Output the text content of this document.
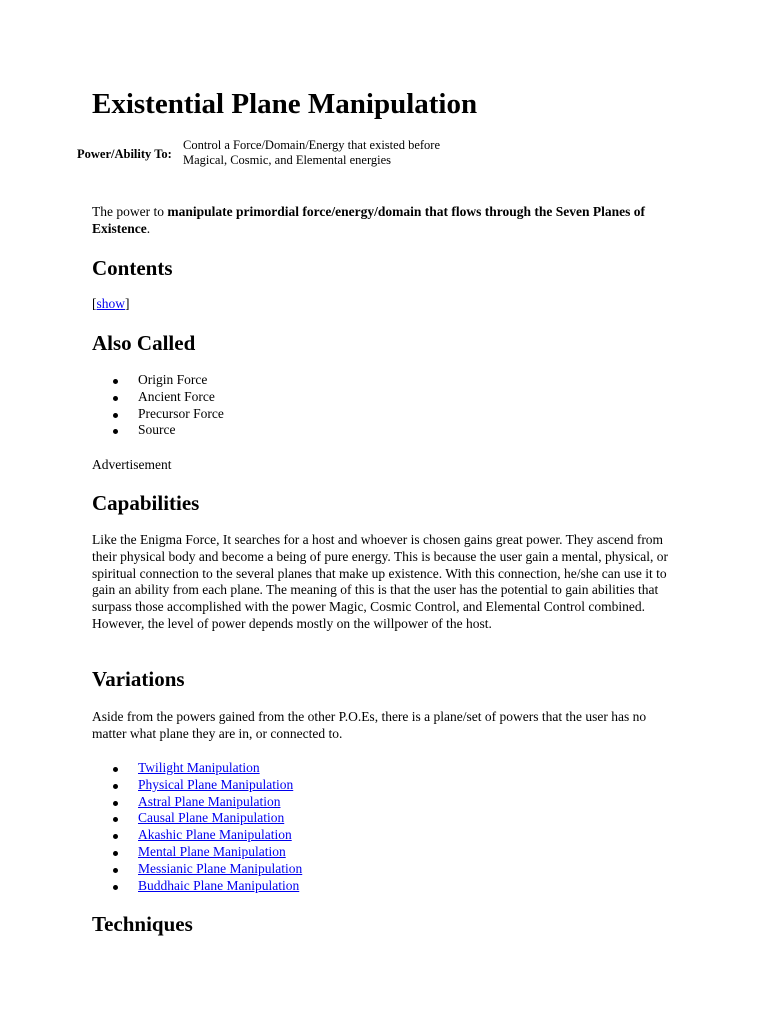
Existential Plane Manipulation
Power/Ability To:
Control a Force/Domain/Energy that existed before Magical, Cosmic, and Elemental energies

The power to manipulate primordial force/energy/domain that flows through the Seven Planes of Existence.

Contents

[show]

Also Called
Origin Force
Ancient Force
Precursor Force
Source

Advertisement

Capabilities

Like the Enigma Force, It searches for a host and whoever is chosen gains great power. They ascend from their physical body and become a being of pure energy. This is because the user gain a mental, physical, or spiritual connection to the several planes that make up existence. With this connection, he/she can use it to gain an ability from each plane. The meaning of this is that the user has the potential to gain abilities that surpass those accomplished with the power Magic, Cosmic Control, and Elemental Control combined. However, the level of power depends mostly on the willpower of the host.

Variations

Aside from the powers gained from the other P.O.Es, there is a plane/set of powers that the user has no matter what plane they are in, or connected to.

Twilight Manipulation
Physical Plane Manipulation
Astral Plane Manipulation
Causal Plane Manipulation
Akashic Plane Manipulation
Mental Plane Manipulation
Messianic Plane Manipulation
Buddhaic Plane Manipulation
Techniques
